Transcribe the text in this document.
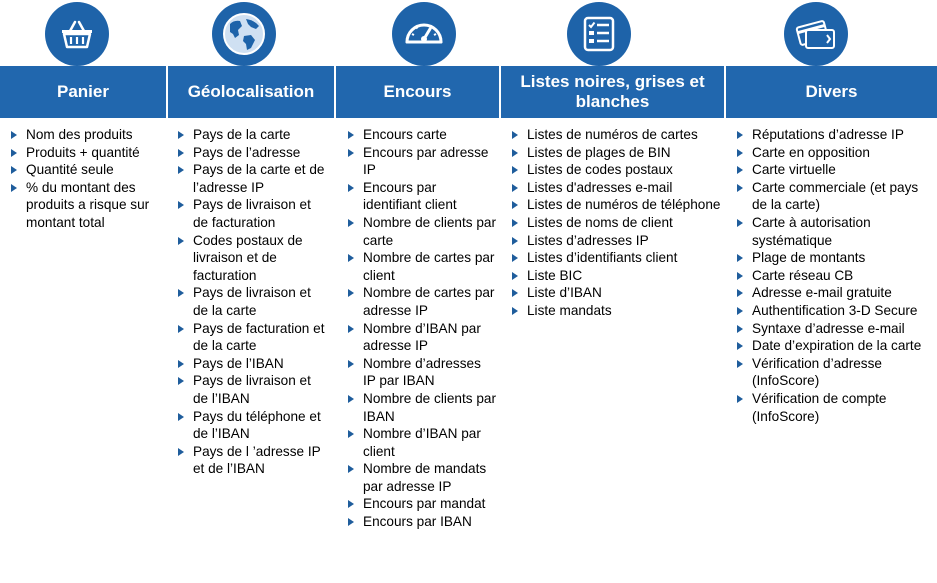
Panier
Nom des produits
Produits + quantité
Quantité seule
% du montant des produits a risque sur montant total
Géolocalisation
Pays de la carte
Pays de l’adresse
Pays de la carte et de l’adresse IP
Pays de livraison et de facturation
Codes postaux de livraison et de facturation
Pays de livraison et de la carte
Pays de facturation et de la carte
Pays de l’IBAN
Pays de livraison et de l’IBAN
Pays du téléphone et de l’IBAN
Pays de l ’adresse IP et de l’IBAN
Encours
Encours carte
Encours par adresse IP
Encours par identifiant client
Nombre de clients par carte
Nombre de cartes par client
Nombre de cartes par adresse IP
Nombre d’IBAN par adresse IP
Nombre d’adresses IP par IBAN
Nombre de clients par IBAN
Nombre d’IBAN par client
Nombre de mandats par adresse IP
Encours par mandat
Encours par IBAN
Listes noires, grises et blanches
Listes de numéros de cartes
Listes de plages de BIN
Listes de codes postaux
Listes d'adresses e-mail
Listes de numéros de téléphone
Listes de noms de client
Listes d’adresses IP
Listes d’identifiants client
Liste BIC
Liste d’IBAN
Liste mandats
Divers
Réputations d’adresse IP
Carte en opposition
Carte virtuelle
Carte commerciale (et pays de la carte)
Carte à autorisation systématique
Plage de montants
Carte réseau CB
Adresse e-mail gratuite
Authentification 3-D Secure
Syntaxe d’adresse e-mail
Date d’expiration de la carte
Vérification d’adresse (InfoScore)
Vérification de compte (InfoScore)
